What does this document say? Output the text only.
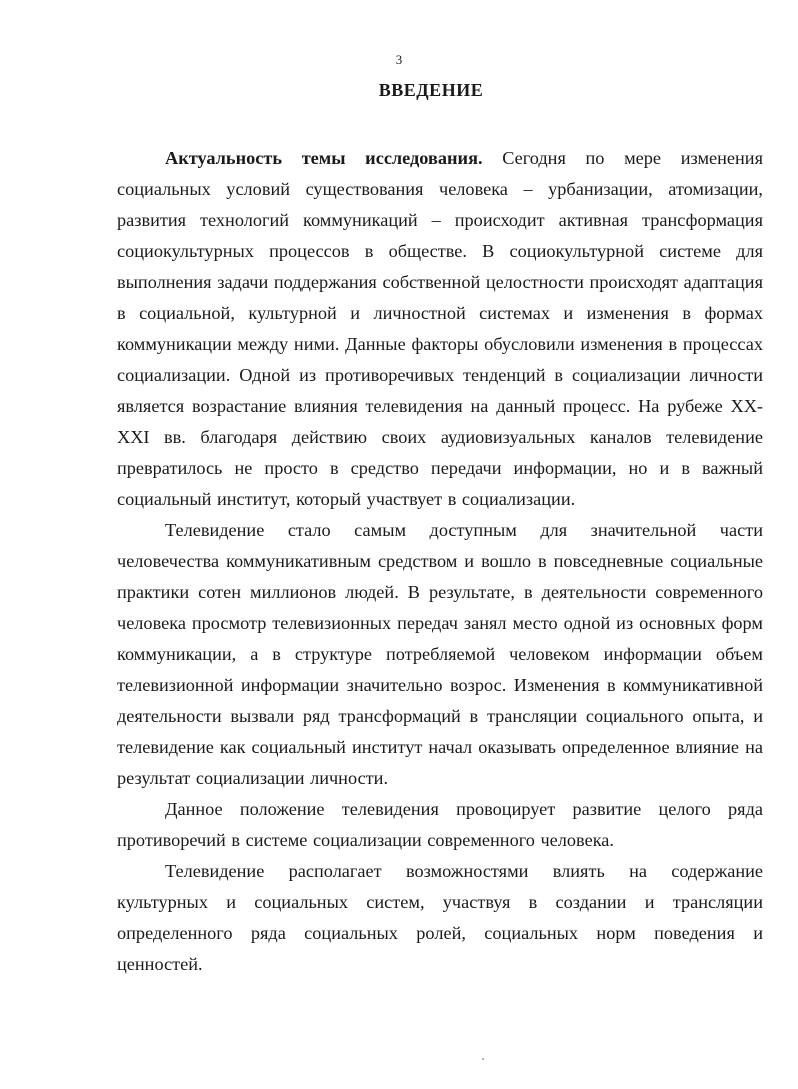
3
ВВЕДЕНИЕ

Актуальность темы исследования. Сегодня по мере изменения социальных условий существования человека – урбанизации, атомизации, развития технологий коммуникаций – происходит активная трансформация социокультурных процессов в обществе. В социокультурной системе для выполнения задачи поддержания собственной целостности происходят адаптация в социальной, культурной и личностной системах и изменения в формах коммуникации между ними. Данные факторы обусловили изменения в процессах социализации. Одной из противоречивых тенденций в социализации личности является возрастание влияния телевидения на данный процесс. На рубеже XX-XXI вв. благодаря действию своих аудиовизуальных каналов телевидение превратилось не просто в средство передачи информации, но и в важный социальный институт, который участвует в социализации.

Телевидение стало самым доступным для значительной части человечества коммуникативным средством и вошло в повседневные социальные практики сотен миллионов людей. В результате, в деятельности современного человека просмотр телевизионных передач занял место одной из основных форм коммуникации, а в структуре потребляемой человеком информации объем телевизионной информации значительно возрос. Изменения в коммуникативной деятельности вызвали ряд трансформаций в трансляции социального опыта, и телевидение как социальный институт начал оказывать определенное влияние на результат социализации личности.

Данное положение телевидения провоцирует развитие целого ряда противоречий в системе социализации современного человека.

Телевидение располагает возможностями влиять на содержание культурных и социальных систем, участвуя в создании и трансляции определенного ряда социальных ролей, социальных норм поведения и ценностей.
